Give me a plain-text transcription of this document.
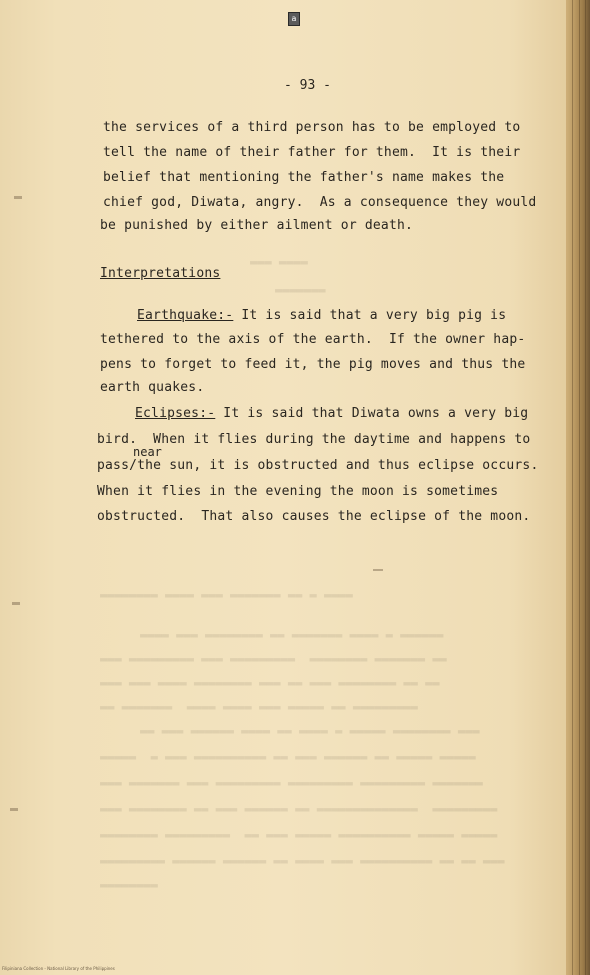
a
- 93 -
▬▬▬ ▬▬▬▬
▬▬▬▬▬▬▬
▬▬▬▬▬▬▬▬ ▬▬▬▬ ▬▬▬ ▬▬▬▬▬▬▬ ▬▬ ▬ ▬▬▬▬
▬▬▬▬ ▬▬▬ ▬▬▬▬▬▬▬▬ ▬▬ ▬▬▬▬▬▬▬ ▬▬▬▬ ▬ ▬▬▬▬▬▬
▬▬▬ ▬▬▬▬▬▬▬▬▬ ▬▬▬ ▬▬▬▬▬▬▬▬▬  ▬▬▬▬▬▬▬▬ ▬▬▬▬▬▬▬ ▬▬
▬▬▬ ▬▬▬ ▬▬▬▬ ▬▬▬▬▬▬▬▬ ▬▬▬ ▬▬ ▬▬▬ ▬▬▬▬▬▬▬▬ ▬▬ ▬▬
▬▬ ▬▬▬▬▬▬▬  ▬▬▬▬ ▬▬▬▬ ▬▬▬ ▬▬▬▬▬ ▬▬ ▬▬▬▬▬▬▬▬▬
▬▬ ▬▬▬ ▬▬▬▬▬▬ ▬▬▬▬ ▬▬ ▬▬▬▬ ▬ ▬▬▬▬▬ ▬▬▬▬▬▬▬▬ ▬▬▬
▬▬▬▬▬  ▬ ▬▬▬ ▬▬▬▬▬▬▬▬▬▬ ▬▬ ▬▬▬ ▬▬▬▬▬▬ ▬▬ ▬▬▬▬▬ ▬▬▬▬▬
▬▬▬ ▬▬▬▬▬▬▬ ▬▬▬ ▬▬▬▬▬▬▬▬▬ ▬▬▬▬▬▬▬▬▬ ▬▬▬▬▬▬▬▬▬ ▬▬▬▬▬▬▬
▬▬▬ ▬▬▬▬▬▬▬▬ ▬▬ ▬▬▬ ▬▬▬▬▬▬ ▬▬ ▬▬▬▬▬▬▬▬▬▬▬▬▬▬  ▬▬▬▬▬▬▬▬▬
▬▬▬▬▬▬▬▬ ▬▬▬▬▬▬▬▬▬  ▬▬ ▬▬▬ ▬▬▬▬▬ ▬▬▬▬▬▬▬▬▬▬ ▬▬▬▬▬ ▬▬▬▬▬
▬▬▬▬▬▬▬▬▬ ▬▬▬▬▬▬ ▬▬▬▬▬▬ ▬▬ ▬▬▬▬ ▬▬▬ ▬▬▬▬▬▬▬▬▬▬ ▬▬ ▬▬ ▬▬▬
▬▬▬▬▬▬▬▬
the services of a third person has to be employed to
tell the name of their father for them.  It is their
belief that mentioning the father's name makes the
chief god, Diwata, angry.  As a consequence they would
be punished by either ailment or death.
Interpretations
Earthquake:- It is said that a very big pig is
tethered to the axis of the earth.  If the owner hap-
pens to forget to feed it, the pig moves and thus the
earth quakes.
Eclipses:- It is said that Diwata owns a very big
bird.  When it flies during the daytime and happens to
near
pass/the sun, it is obstructed and thus eclipse occurs.
When it flies in the evening the moon is sometimes
obstructed.  That also causes the eclipse of the moon.
Filipiniana Collection - National Library of the Philippines
